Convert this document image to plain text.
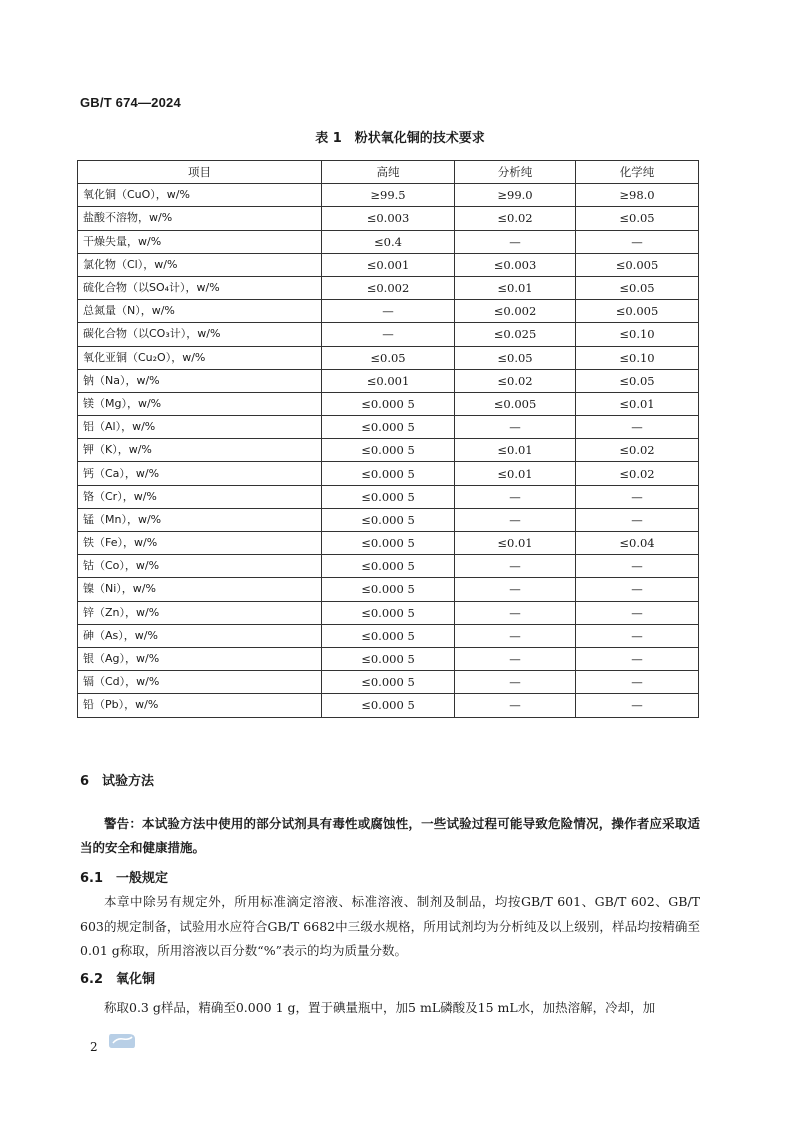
GB/T 674—2024
表 1　粉状氧化铜的技术要求
项目	高纯	分析纯	化学纯
氧化铜（CuO），w/%	≥99.5	≥99.0	≥98.0
盐酸不溶物，w/%	≤0.003	≤0.02	≤0.05
干燥失量，w/%	≤0.4	—	—
氯化物（Cl），w/%	≤0.001	≤0.003	≤0.005
硫化合物（以SO₄计），w/%	≤0.002	≤0.01	≤0.05
总氮量（N），w/%	—	≤0.002	≤0.005
碳化合物（以CO₃计），w/%	—	≤0.025	≤0.10
氧化亚铜（Cu₂O），w/%	≤0.05	≤0.05	≤0.10
钠（Na），w/%	≤0.001	≤0.02	≤0.05
镁（Mg），w/%	≤0.000 5	≤0.005	≤0.01
铝（Al），w/%	≤0.000 5	—	—
钾（K），w/%	≤0.000 5	≤0.01	≤0.02
钙（Ca），w/%	≤0.000 5	≤0.01	≤0.02
铬（Cr），w/%	≤0.000 5	—	—
锰（Mn），w/%	≤0.000 5	—	—
铁（Fe），w/%	≤0.000 5	≤0.01	≤0.04
钴（Co），w/%	≤0.000 5	—	—
镍（Ni），w/%	≤0.000 5	—	—
锌（Zn），w/%	≤0.000 5	—	—
砷（As），w/%	≤0.000 5	—	—
银（Ag），w/%	≤0.000 5	—	—
镉（Cd），w/%	≤0.000 5	—	—
铅（Pb），w/%	≤0.000 5	—	—
6　试验方法
警告：本试验方法中使用的部分试剂具有毒性或腐蚀性，一些试验过程可能导致危险情况，操作者应采取适当的安全和健康措施。
6.1　一般规定
本章中除另有规定外，所用标准滴定溶液、标准溶液、制剂及制品，均按GB/T 601、GB/T 602、GB/T 603的规定制备，试验用水应符合GB/T 6682中三级水规格，所用试剂均为分析纯及以上级别，样品均按精确至0.01 g称取，所用溶液以百分数“%”表示的均为质量分数。
6.2　氧化铜
称取0.3 g样品，精确至0.000 1 g，置于碘量瓶中，加5 mL磷酸及15 mL水，加热溶解，冷却，加
2
